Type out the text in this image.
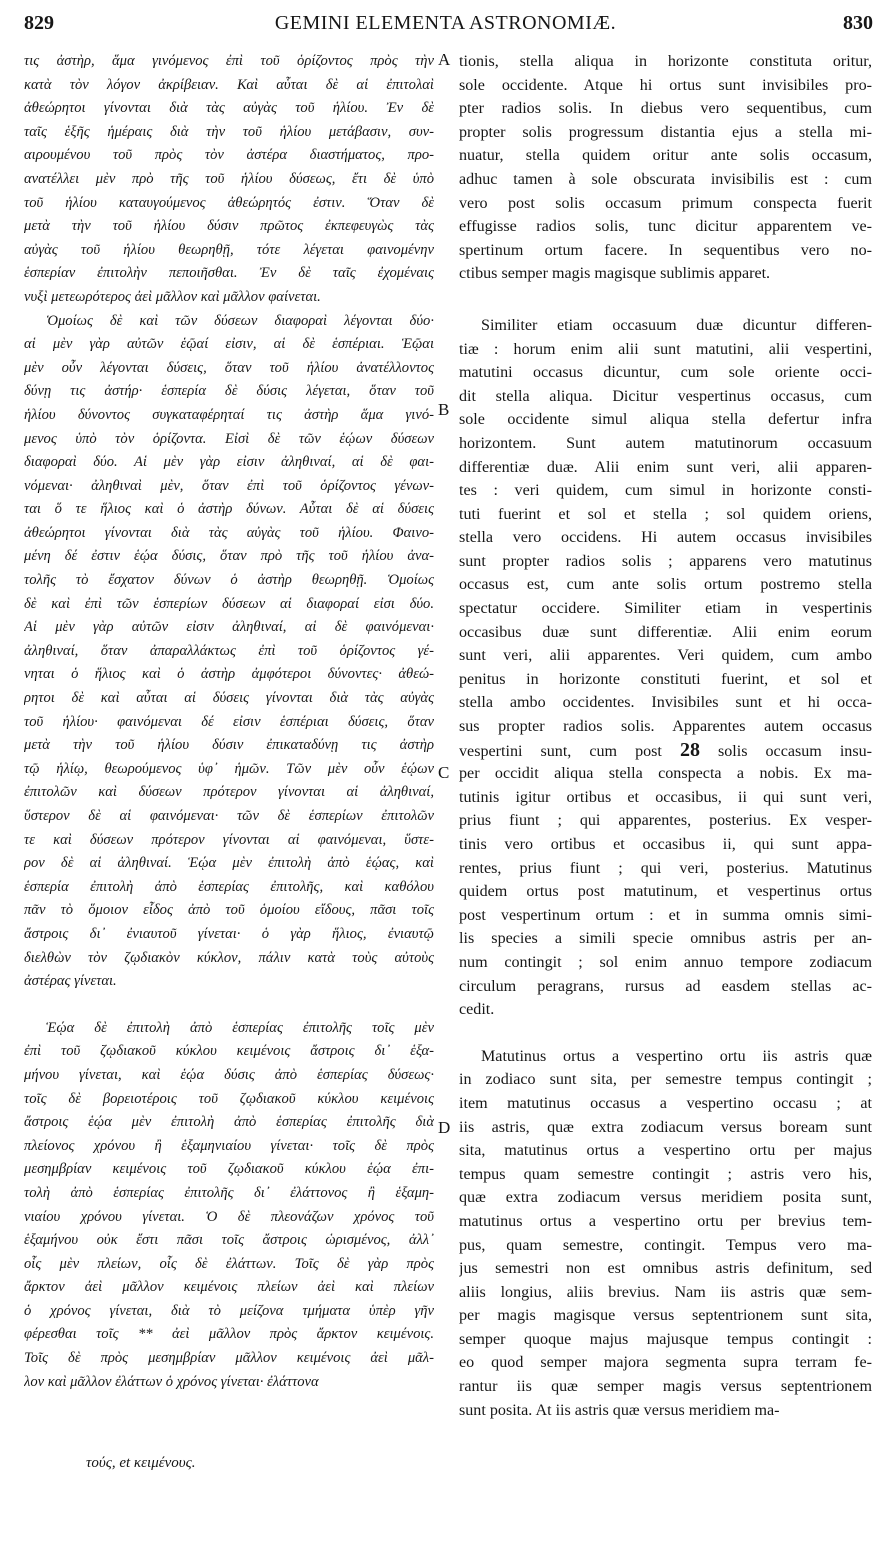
829	GEMINI ELEMENTA ASTRONOMIÆ.	830
τις ἀστὴρ, ἅμα γινόμενος ἐπὶ τοῦ ὁρίζοντος πρὸς τὴν
κατὰ τὸν λόγον ἀκρίβειαν. Καὶ αὗται δὲ αἱ ἐπιτολαὶ
ἀθεώρητοι γίνονται διὰ τὰς αὐγὰς τοῦ ἡλίου. Ἐν δὲ
ταῖς ἑξῆς ἡμέραις διὰ τὴν τοῦ ἡλίου μετάβασιν, συν-
αιρουμένου τοῦ πρὸς τὸν ἀστέρα διαστήματος, προ-
ανατέλλει μὲν πρὸ τῆς τοῦ ἡλίου δύσεως, ἔτι δὲ ὑπὸ
τοῦ ἡλίου καταυγούμενος ἀθεώρητός ἐστιν. Ὅταν δὲ
μετὰ τὴν τοῦ ἡλίου δύσιν πρῶτος ἐκπεφευγὼς τὰς
αὐγὰς τοῦ ἡλίου θεωρηθῇ, τότε λέγεται φαινομένην
ἑσπερίαν ἐπιτολὴν πεποιῆσθαι. Ἐν δὲ ταῖς ἐχομέναις
νυξὶ μετεωρότερος ἀεὶ μᾶλλον καὶ μᾶλλον φαίνεται.
Ὁμοίως δὲ καὶ τῶν δύσεων διαφοραὶ λέγονται δύο·
αἱ μὲν γὰρ αὐτῶν ἑῷαί εἰσιν, αἱ δὲ ἑσπέριαι. Ἑῷαι
μὲν οὖν λέγονται δύσεις, ὅταν τοῦ ἡλίου ἀνατέλλοντος
δύνῃ τις ἀστήρ· ἑσπερία δὲ δύσις λέγεται, ὅταν τοῦ
ἡλίου δύνοντος συγκαταφέρηταί τις ἀστὴρ ἅμα γινό-
μενος ὑπὸ τὸν ὁρίζοντα. Εἰσὶ δὲ τῶν ἑῴων δύσεων
διαφοραὶ δύο. Αἱ μὲν γὰρ εἰσιν ἀληθιναί, αἱ δὲ φαι-
νόμεναι· ἀληθιναὶ μὲν, ὅταν ἐπὶ τοῦ ὁρίζοντος γένων-
ται ὅ τε ἥλιος καὶ ὁ ἀστὴρ δύνων. Αὗται δὲ αἱ δύσεις
ἀθεώρητοι γίνονται διὰ τὰς αὐγὰς τοῦ ἡλίου. Φαινο-
μένη δέ ἐστιν ἑῴα δύσις, ὅταν πρὸ τῆς τοῦ ἡλίου ἀνα-
τολῆς τὸ ἔσχατον δύνων ὁ ἀστὴρ θεωρηθῇ. Ὁμοίως
δὲ καὶ ἐπὶ τῶν ἑσπερίων δύσεων αἱ διαφοραί εἰσι δύο.
Αἱ μὲν γὰρ αὐτῶν εἰσιν ἀληθιναί, αἱ δὲ φαινόμεναι·
ἀληθιναί, ὅταν ἀπαραλλάκτως ἐπὶ τοῦ ὁρίζοντος γέ-
νηται ὁ ἥλιος καὶ ὁ ἀστὴρ ἀμφότεροι δύνοντες· ἀθεώ-
ρητοι δὲ καὶ αὗται αἱ δύσεις γίνονται διὰ τὰς αὐγὰς
τοῦ ἡλίου· φαινόμεναι δέ εἰσιν ἑσπέριαι δύσεις, ὅταν
μετὰ τὴν τοῦ ἡλίου δύσιν ἐπικαταδύνῃ τις ἀστὴρ
τῷ ἡλίῳ, θεωρούμενος ὑφ᾽ ἡμῶν. Τῶν μὲν οὖν ἑῴων
ἐπιτολῶν καὶ δύσεων πρότερον γίνονται αἱ ἀληθιναί,
ὕστερον δὲ αἱ φαινόμεναι· τῶν δὲ ἑσπερίων ἐπιτολῶν
τε καὶ δύσεων πρότερον γίνονται αἱ φαινόμεναι, ὕστε-
ρον δὲ αἱ ἀληθιναί. Ἑῴα μὲν ἐπιτολὴ ἀπὸ ἑῴας, καὶ
ἑσπερία ἐπιτολὴ ἀπὸ ἑσπερίας ἐπιτολῆς, καὶ καθόλου
πᾶν τὸ ὅμοιον εἶδος ἀπὸ τοῦ ὁμοίου εἴδους, πᾶσι τοῖς
ἄστροις δι᾽ ἐνιαυτοῦ γίνεται· ὁ γὰρ ἥλιος, ἐνιαυτῷ
διελθὼν τὸν ζῳδιακὸν κύκλον, πάλιν κατὰ τοὺς αὐτοὺς
ἀστέρας γίνεται.
Ἑῴα δὲ ἐπιτολὴ ἀπὸ ἑσπερίας ἐπιτολῆς τοῖς μὲν
ἐπὶ τοῦ ζῳδιακοῦ κύκλου κειμένοις ἄστροις δι᾽ ἑξα-
μήνου γίνεται, καὶ ἑῴα δύσις ἀπὸ ἑσπερίας δύσεως·
τοῖς δὲ βορειοτέροις τοῦ ζῳδιακοῦ κύκλου κειμένοις
ἄστροις ἑῴα μὲν ἐπιτολὴ ἀπὸ ἑσπερίας ἐπιτολῆς διὰ
πλείονος χρόνου ἢ ἑξαμηνιαίου γίνεται· τοῖς δὲ πρὸς
μεσημβρίαν κειμένοις τοῦ ζῳδιακοῦ κύκλου ἑῴα ἐπι-
τολὴ ἀπὸ ἑσπερίας ἐπιτολῆς δι᾽ ἐλάττονος ἢ ἑξαμη-
νιαίου χρόνου γίνεται. Ὁ δὲ πλεονάζων χρόνος τοῦ
ἑξαμήνου οὐκ ἔστι πᾶσι τοῖς ἄστροις ὡρισμένος, ἀλλ᾽
οἷς μὲν πλείων, οἷς δὲ ἐλάττων. Τοῖς δὲ γὰρ πρὸς
ἄρκτον ἀεὶ μᾶλλον κειμένοις πλείων ἀεὶ καὶ πλείων
ὁ χρόνος γίνεται, διὰ τὸ μείζονα τμήματα ὑπὲρ γῆν
φέρεσθαι τοῖς ** ἀεὶ μᾶλλον πρὸς ἄρκτον κειμένοις.
Τοῖς δὲ πρὸς μεσημβρίαν μᾶλλον κειμένοις ἀεὶ μᾶλ-
λον καὶ μᾶλλον ἐλάττων ὁ χρόνος γίνεται· ἐλάττονα
tionis, stella aliqua in horizonte constituta oritur,
sole occidente. Atque hi ortus sunt invisibiles pro-
pter radios solis. In diebus vero sequentibus, cum
propter solis progressum distantia ejus a stella mi-
nuatur, stella quidem oritur ante solis occasum,
adhuc tamen à sole obscurata invisibilis est : cum
vero post solis occasum primum conspecta fuerit
effugisse radios solis, tunc dicitur apparentem ve-
spertinum ortum facere. In sequentibus vero no-
ctibus semper magis magisque sublimis apparet.
Similiter etiam occasuum duæ dicuntur differen-
tiæ : horum enim alii sunt matutini, alii vespertini,
matutini occasus dicuntur, cum sole oriente occi-
dit stella aliqua. Dicitur vespertinus occasus, cum
sole occidente simul aliqua stella defertur infra
horizontem. Sunt autem matutinorum occasuum
differentiæ duæ. Alii enim sunt veri, alii apparen-
tes : veri quidem, cum simul in horizonte consti-
tuti fuerint et sol et stella ; sol quidem oriens,
stella vero occidens. Hi autem occasus invisibiles
sunt propter radios solis ; apparens vero matutinus
occasus est, cum ante solis ortum postremo stella
spectatur occidere. Similiter etiam in vespertinis
occasibus duæ sunt differentiæ. Alii enim eorum
sunt veri, alii apparentes. Veri quidem, cum ambo
penitus in horizonte constituti fuerint, et sol et
stella ambo occidentes. Invisibiles sunt et hi occa-
sus propter radios solis. Apparentes autem occasus
vespertini sunt, cum post 28 solis occasum insu-
per occidit aliqua stella conspecta a nobis. Ex ma-
tutinis igitur ortibus et occasibus, ii qui sunt veri,
prius fiunt ; qui apparentes, posterius. Ex vesper-
tinis vero ortibus et occasibus ii, qui sunt appa-
rentes, prius fiunt ; qui veri, posterius. Matutinus
quidem ortus post matutinum, et vespertinus ortus
post vespertinum ortum : et in summa omnis simi-
lis species a simili specie omnibus astris per an-
num contingit ; sol enim annuo tempore zodiacum
circulum peragrans, rursus ad easdem stellas ac-
cedit.
Matutinus ortus a vespertino ortu iis astris quæ
in zodiaco sunt sita, per semestre tempus contingit ;
item matutinus occasus a vespertino occasu ; at
iis astris, quæ extra zodiacum versus boream sunt
sita, matutinus ortus a vespertino ortu per majus
tempus quam semestre contingit ; astris vero his,
quæ extra zodiacum versus meridiem posita sunt,
matutinus ortus a vespertino ortu per brevius tem-
pus, quam semestre, contingit. Tempus vero ma-
jus semestri non est omnibus astris definitum, sed
aliis longius, aliis brevius. Nam iis astris quæ sem-
per magis magisque versus septentrionem sunt sita,
semper quoque majus majusque tempus contingit :
eo quod semper majora segmenta supra terram fe-
rantur iis quæ semper magis versus septentrionem
sunt posita. At iis astris quæ versus meridiem ma-
A
B
C
D
τούς, et κειμένους.
